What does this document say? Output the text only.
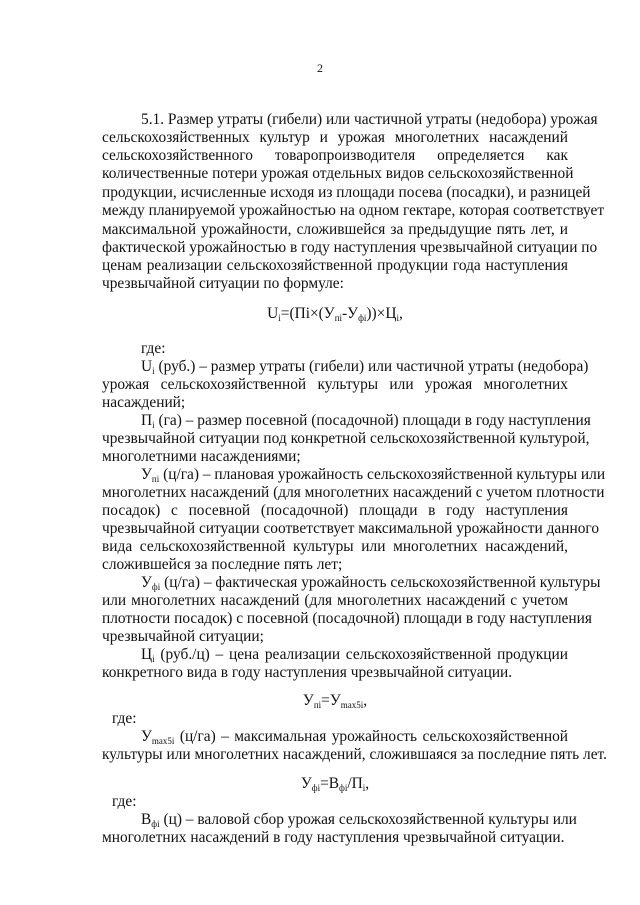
2
5.1. Размер утраты (гибели) или частичной утраты (недобора) урожая
сельскохозяйственных культур и урожая многолетних насаждений
сельскохозяйственного товаропроизводителя определяется как
количественные потери урожая отдельных видов сельскохозяйственной
продукции, исчисленные исходя из площади посева (посадки), и разницей
между планируемой урожайностью на одном гектаре, которая соответствует
максимальной урожайности, сложившейся за предыдущие пять лет, и
фактической урожайностью в году наступления чрезвычайной ситуации по
ценам реализации сельскохозяйственной продукции года наступления
чрезвычайной ситуации по формуле:
$U_i=(Пi\times(У_{пi}-У_{фi}))\times Ц_i$,
где:
$U_i$ (руб.) – размер утраты (гибели) или частичной утраты (недобора)
урожая сельскохозяйственной культуры или урожая многолетних
насаждений;
$П_i$ (га) – размер посевной (посадочной) площади в году наступления
чрезвычайной ситуации под конкретной сельскохозяйственной культурой,
многолетними насаждениями;
$У_{пi}$ (ц/га) – плановая урожайность сельскохозяйственной культуры или
многолетних насаждений (для многолетних насаждений с учетом плотности
посадок) с посевной (посадочной) площади в году наступления
чрезвычайной ситуации соответствует максимальной урожайности данного
вида сельскохозяйственной культуры или многолетних насаждений,
сложившейся за последние пять лет;
$У_{фi}$ (ц/га) – фактическая урожайность сельскохозяйственной культуры
или многолетних насаждений (для многолетних насаждений с учетом
плотности посадок) с посевной (посадочной) площади в году наступления
чрезвычайной ситуации;
$Ц_i$ (руб./ц) – цена реализации сельскохозяйственной продукции
конкретного вида в году наступления чрезвычайной ситуации.
$У_{пi}=У_{max5i}$,
где:
$У_{max5i}$ (ц/га) – максимальная урожайность сельскохозяйственной
культуры или многолетних насаждений, сложившаяся за последние пять лет.
$У_{фi}=В_{фi}/П_i$,
где:
$В_{фi}$ (ц) – валовой сбор урожая сельскохозяйственной культуры или
многолетних насаждений в году наступления чрезвычайной ситуации.
